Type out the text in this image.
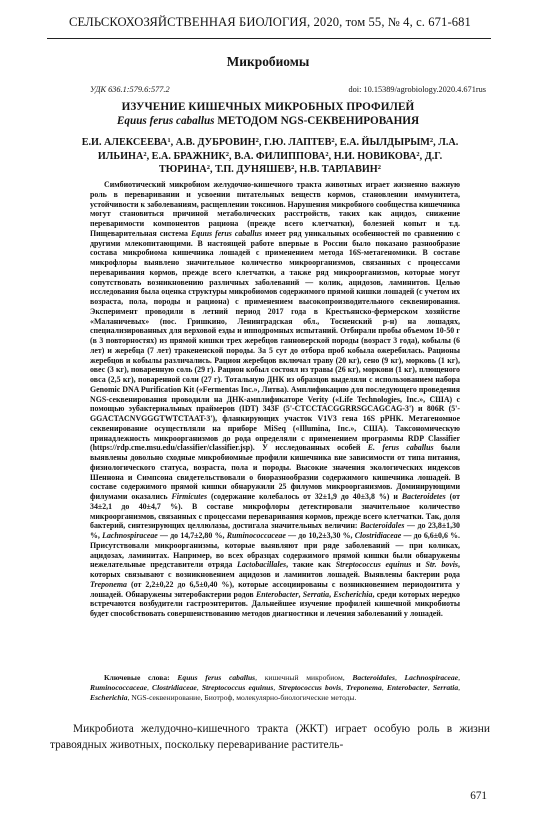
СЕЛЬСКОХОЗЯЙСТВЕННАЯ БИОЛОГИЯ, 2020, том 55, № 4, с. 671-681
Микробиомы
УДК 636.1:579.6:577.2	doi: 10.15389/agrobiology.2020.4.671rus
ИЗУЧЕНИЕ КИШЕЧНЫХ МИКРОБНЫХ ПРОФИЛЕЙ
Equus ferus caballus МЕТОДОМ NGS-СЕКВЕНИРОВАНИЯ
Е.И. АЛЕКСЕЕВА$^1$, А.В. ДУБРОВИН$^2$, Г.Ю. ЛАПТЕВ$^2$, Е.А. ЙЫЛДЫРЫМ$^2$, Л.А. ИЛЬИНА$^2$, Е.А. БРАЖНИК$^2$, В.А. ФИЛИППОВА$^2$, Н.И. НОВИКОВА$^2$, Д.Г. ТЮРИНА$^2$, Т.П. ДУНЯШЕВ$^2$, Н.В. ТАРЛАВИН$^2$

Симбиотический микробиом желудочно-кишечного тракта животных играет жизненно важную роль в переваривании и усвоении питательных веществ кормов, становлении иммунитета, устойчивости к заболеваниям, расщеплении токсинов. Нарушения микробного сообщества кишечника могут становиться причиной метаболических расстройств, таких как ацидоз, снижение переваримости компонентов рациона (прежде всего клетчатки), болезней копыт и т.д. Пищеварительная система Equus ferus caballus имеет ряд уникальных особенностей по сравнению с другими млекопитающими. В настоящей работе впервые в России было показано разнообразие состава микробиома кишечника лошадей с применением метода 16S-метагеномики. В составе микрофлоры выявлено значительное количество микроорганизмов, связанных с процессами переваривания кормов, прежде всего клетчатки, а также ряд микроорганизмов, которые могут сопутствовать возникновению различных заболеваний — колик, ацидозов, ламинитов. Целью исследования была оценка структуры микробиомов содержимого прямой кишки лошадей (с учетом их возраста, пола, породы и рациона) с применением высокопроизводительного секвенирования. Эксперимент проводили в летний период 2017 года в Крестьянско-фермерском хозяйстве «Маланичевых» (пос. Гришкино, Ленинградская обл., Тосненский р-н) на лошадях, специализированных для верховой езды и ипподромных испытаний. Отбирали пробы объемом 10-50 г (в 3 повторностях) из прямой кишки трех жеребцов ганноверской породы (возраст 3 года), кобылы (6 лет) и жеребца (7 лет) тракененской породы. За 5 сут до отбора проб кобыла ожеребилась. Рационы жеребцов и кобылы различались. Рацион жеребцов включал траву (20 кг), сено (9 кг), морковь (1 кг), овес (3 кг), поваренную соль (29 г). Рацион кобыл состоял из травы (26 кг), моркови (1 кг), плющеного овса (2,5 кг), поваренной соли (27 г). Тотальную ДНК из образцов выделяли с использованием набора Genomic DNA Purification Kit («Fermentas Inc.», Литва). Амплификацию для последующего проведения NGS-секвенирования проводили на ДНК-амплификаторе Verity («Life Technologies, Inc.», США) с помощью эубактериальных праймеров (IDT) 343F (5'-CTCCTACGGRRSGCAGCAG-3') и 806R (5'-GGACTACNVGGGTWTCTAAT-3'), фланкирующих участок V1V3 гена 16S рРНК. Метагеномное секвенирование осуществляли на приборе MiSeq («Illumina, Inc.», США). Таксономическую принадлежность микроорганизмов до рода определяли с применением программы RDP Classifier (https://rdp.cme.msu.edu/classifier/classifier.jsp). У исследованных особей E. ferus caballus были выявлены довольно сходные микробиомные профили кишечника вне зависимости от типа питания, физиологического статуса, возраста, пола и породы. Высокие значения экологических индексов Шеннона и Симпсона свидетельствовали о биоразнообразии содержимого кишечника лошадей. В составе содержимого прямой кишки обнаружили 25 филумов микроорганизмов. Доминирующими филумами оказались Firmicutes (содержание колебалось от 32±1,9 до 40±3,8 %) и Bacteroidetes (от 34±2,1 до 40±4,7 %). В составе микрофлоры детектировали значительное количество микроорганизмов, связанных с процессами переваривания кормов, прежде всего клетчатки. Так, доля бактерий, синтезирующих целлюлазы, достигала значительных величин: Bacteroidales — до 23,8±1,30 %, Lachnospiraceae — до 14,7±2,80 %, Ruminococcaceae — до 10,2±3,30 %, Clostridiaceae — до 6,6±0,6 %. Присутствовали микроорганизмы, которые выявляют при ряде заболеваний — при коликах, ацидозах, ламинитах. Например, во всех образцах содержимого прямой кишки были обнаружены нежелательные представители отряда Lactobacillales, такие как Streptococcus equinus и Str. bovis, которых связывают с возникновением ацидозов и ламинитов лошадей. Выявлены бактерии рода Treponema (от 2,2±0,22 до 6,5±0,40 %), которые ассоциированы с возникновением периодонтита у лошадей. Обнаружены энтеробактерии родов Enterobacter, Serratia, Escherichia, среди которых нередко встречаются возбудители гастроэнтеритов. Дальнейшее изучение профилей кишечной микробиоты будет способствовать совершенствованию методов диагностики и лечения заболеваний у лошадей.

Ключевые слова: Equus ferus caballus, кишечный микробиом, Bacteroidales, Lachnospiraceae, Ruminococcaceae, Clostridiaceae, Streptococcus equinus, Streptococcus bovis, Treponema, Enterobacter, Serratia, Escherichia, NGS-секвенирование, Биотроф, молекулярно-биологические методы.

Микробиота желудочно-кишечного тракта (ЖКТ) играет особую роль в жизни травоядных животных, поскольку переваривание раститель-

671
